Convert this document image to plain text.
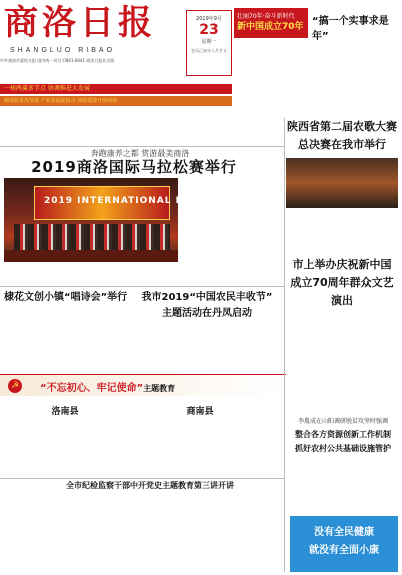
商洛日报
SHANGLUO RIBAO
2019年9月
23
星期一
农历己亥年八月廿五
壮丽70年·奋斗新时代
新中国成立70年 “搞一个实事求是年”
中共商洛市委机关报 国内统一刊号 CN61-0041 商洛日报社出版
一核两翼多节点 协调推进大发展
精准脱贫攻坚战 产业发展促振兴 加快建设开放商洛
奔跑康养之都 赏游最美商洛
2019商洛国际马拉松赛举行
2019 INTERNATIONAL MARATHON
陕西省第二届农歌大赛
总决赛在我市举行
市上举办庆祝新中国
成立70周年群众文艺演出
棣花文创小镇“唱诗会”举行	我市2019“中国农民丰收节”
主题活动在丹凤启动
李胤成在山阳调研脱贫攻坚时强调
整合各方资源创新工作机制
抓好农村公共基础设施管护
☭ “不忘初心、牢记使命”主题教育
洛南县	商南县
全市纪检监察干部中开党史主题教育第三讲开讲
没有全民健康
就没有全面小康
